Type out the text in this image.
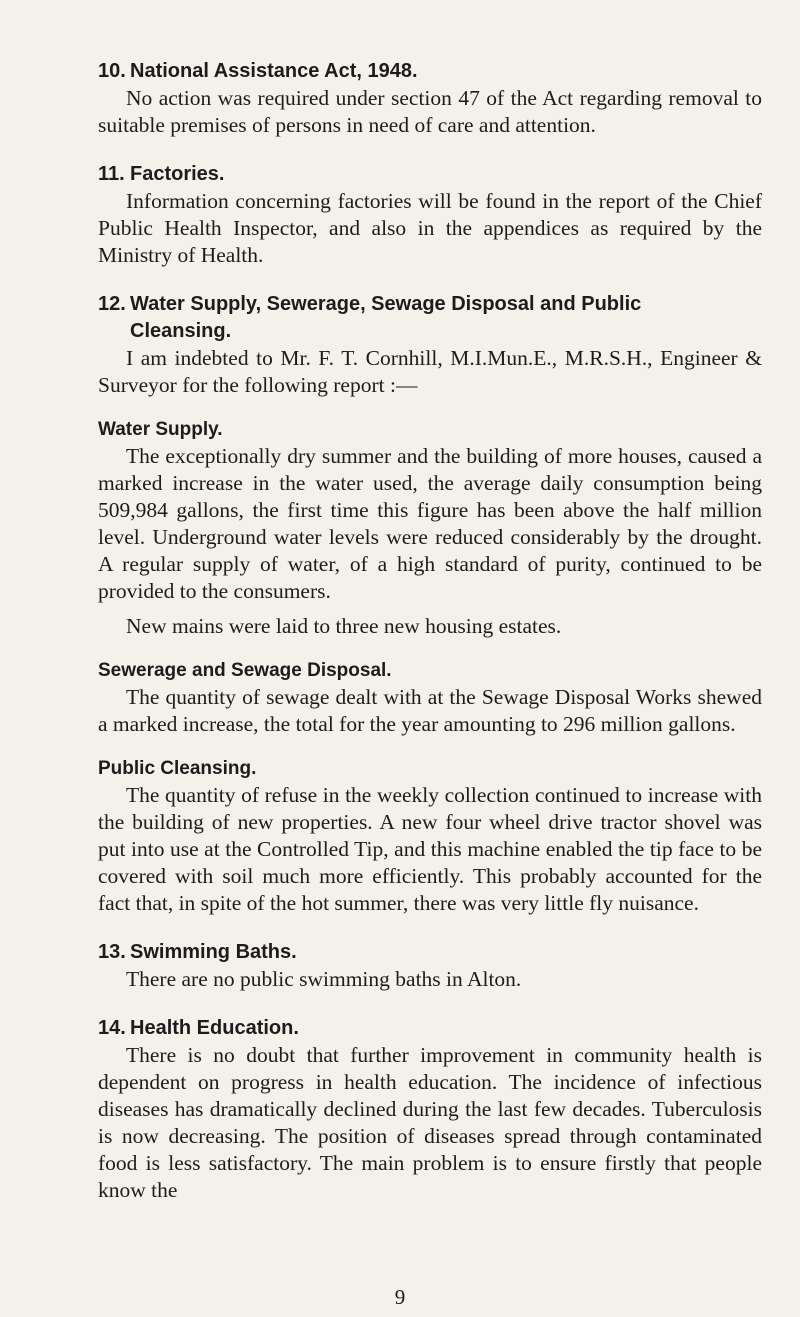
10. National Assistance Act, 1948.

No action was required under section 47 of the Act regarding removal to suitable premises of persons in need of care and attention.

11. Factories.

Information concerning factories will be found in the report of the Chief Public Health Inspector, and also in the appendices as required by the Ministry of Health.

12. Water Supply, Sewerage, Sewage Disposal and Public
Cleansing.

I am indebted to Mr. F. T. Cornhill, M.I.Mun.E., M.R.S.H., Engineer & Surveyor for the following report :—

Water Supply.

The exceptionally dry summer and the building of more houses, caused a marked increase in the water used, the average daily consumption being 509,984 gallons, the first time this figure has been above the half million level. Underground water levels were reduced considerably by the drought. A regular supply of water, of a high standard of purity, continued to be provided to the consumers.

New mains were laid to three new housing estates.

Sewerage and Sewage Disposal.

The quantity of sewage dealt with at the Sewage Disposal Works shewed a marked increase, the total for the year amounting to 296 million gallons.

Public Cleansing.

The quantity of refuse in the weekly collection continued to increase with the building of new properties. A new four wheel drive tractor shovel was put into use at the Controlled Tip, and this machine enabled the tip face to be covered with soil much more efficiently. This probably accounted for the fact that, in spite of the hot summer, there was very little fly nuisance.

13. Swimming Baths.

There are no public swimming baths in Alton.

14. Health Education.

There is no doubt that further improvement in community health is dependent on progress in health education. The incidence of infectious diseases has dramatically declined during the last few decades. Tuberculosis is now decreasing. The position of diseases spread through contaminated food is less satisfactory. The main problem is to ensure firstly that people know the

9
